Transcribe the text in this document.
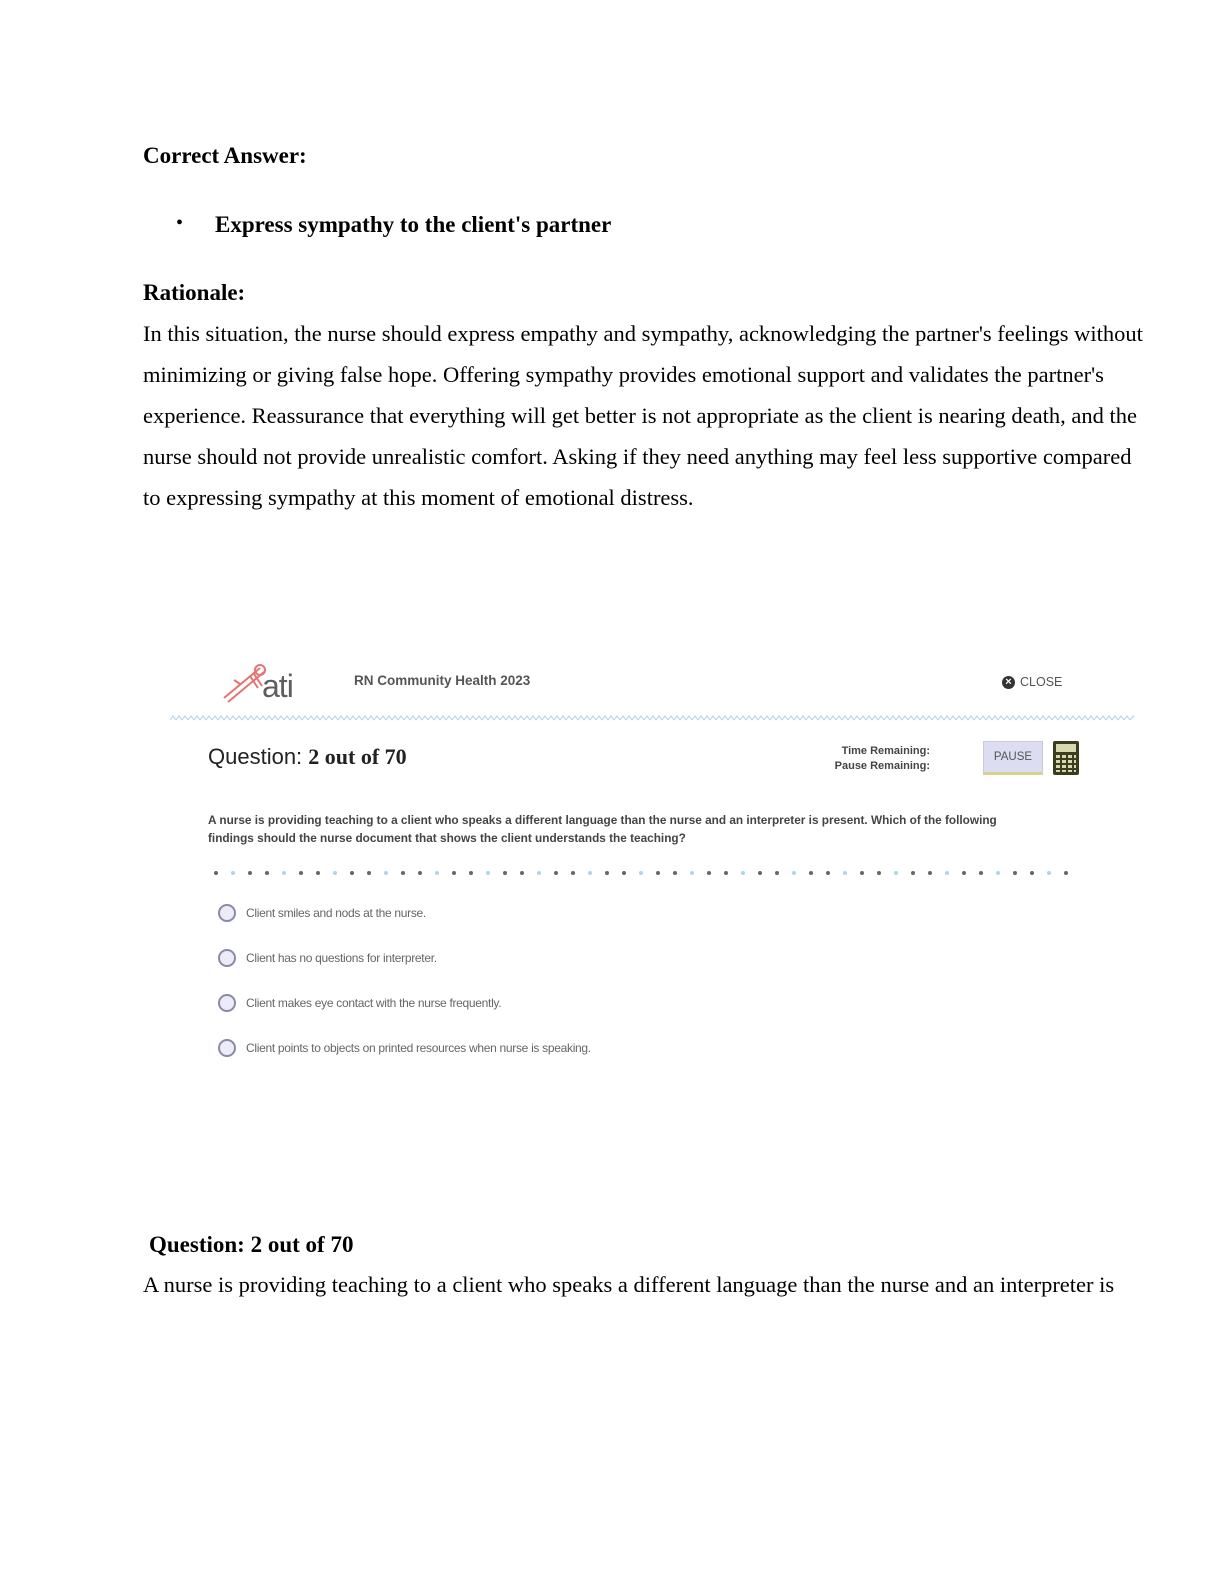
Correct Answer:
• Express sympathy to the client's partner
Rationale:
In this situation, the nurse should express empathy and sympathy, acknowledging the partner's feelings without
minimizing or giving false hope. Offering sympathy provides emotional support and validates the partner's
experience. Reassurance that everything will get better is not appropriate as the client is nearing death, and the
nurse should not provide unrealistic comfort. Asking if they need anything may feel less supportive compared
to expressing sympathy at this moment of emotional distress.
ati	RN Community Health 2023	× CLOSE
Question: 2 out of 70	Time Remaining:
Pause Remaining:
PAUSE
A nurse is providing teaching to a client who speaks a different language than the nurse and an interpreter is present. Which of the following
findings should the nurse document that shows the client understands the teaching?
Client smiles and nods at the nurse.
Client has no questions for interpreter.
Client makes eye contact with the nurse frequently.
Client points to objects on printed resources when nurse is speaking.
Question: 2 out of 70
A nurse is providing teaching to a client who speaks a different language than the nurse and an interpreter is
